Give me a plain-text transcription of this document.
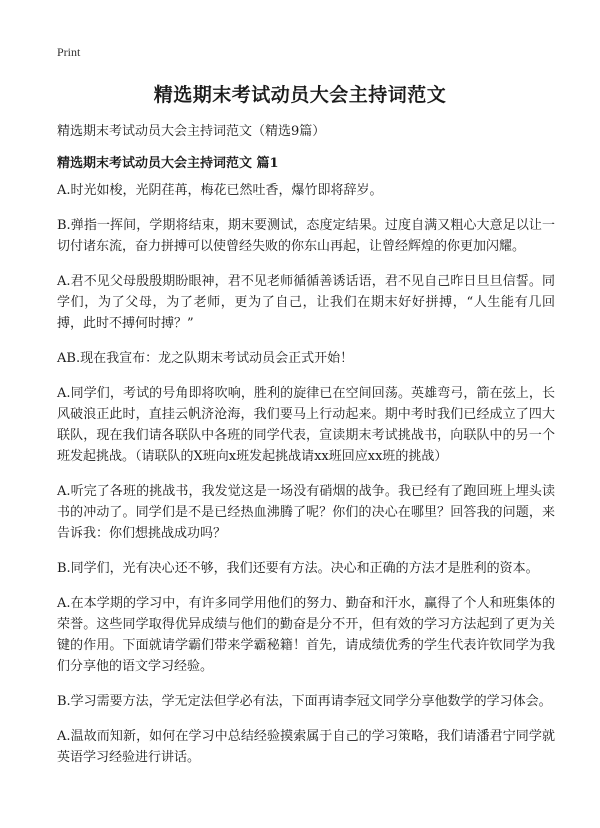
Print
精选期末考试动员大会主持词范文
精选期末考试动员大会主持词范文（精选9篇）
精选期末考试动员大会主持词范文 篇1

A.时光如梭，光阴荏苒，梅花已然吐香，爆竹即将辞岁。

B.弹指一挥间，学期将结束，期末要测试，态度定结果。过度自满又粗心大意足以让一切付诸东流，奋力拼搏可以使曾经失败的你东山再起，让曾经辉煌的你更加闪耀。

A.君不见父母殷殷期盼眼神，君不见老师循循善诱话语，君不见自己昨日旦旦信誓。同学们，为了父母，为了老师，更为了自己，让我们在期末好好拼搏，“人生能有几回搏，此时不搏何时搏？”

AB.现在我宣布：龙之队期末考试动员会正式开始！

A.同学们，考试的号角即将吹响，胜利的旋律已在空间回荡。英雄弯弓，箭在弦上，长风破浪正此时，直挂云帆济沧海，我们要马上行动起来。期中考时我们已经成立了四大联队，现在我们请各联队中各班的同学代表，宣读期末考试挑战书，向联队中的另一个班发起挑战。（请联队的X班向x班发起挑战请xx班回应xx班的挑战）

A.听完了各班的挑战书，我发觉这是一场没有硝烟的战争。我已经有了跑回班上埋头读书的冲动了。同学们是不是已经热血沸腾了呢？你们的决心在哪里？回答我的问题，来告诉我：你们想挑战成功吗？

B.同学们，光有决心还不够，我们还要有方法。决心和正确的方法才是胜利的资本。

A.在本学期的学习中，有许多同学用他们的努力、勤奋和汗水，赢得了个人和班集体的荣誉。这些同学取得优异成绩与他们的勤奋是分不开，但有效的学习方法起到了更为关键的作用。下面就请学霸们带来学霸秘籍！首先，请成绩优秀的学生代表许钦同学为我们分享他的语文学习经验。

B.学习需要方法，学无定法但学必有法，下面再请李冠文同学分享他数学的学习体会。

A.温故而知新，如何在学习中总结经验摸索属于自己的学习策略，我们请潘君宁同学就英语学习经验进行讲话。
